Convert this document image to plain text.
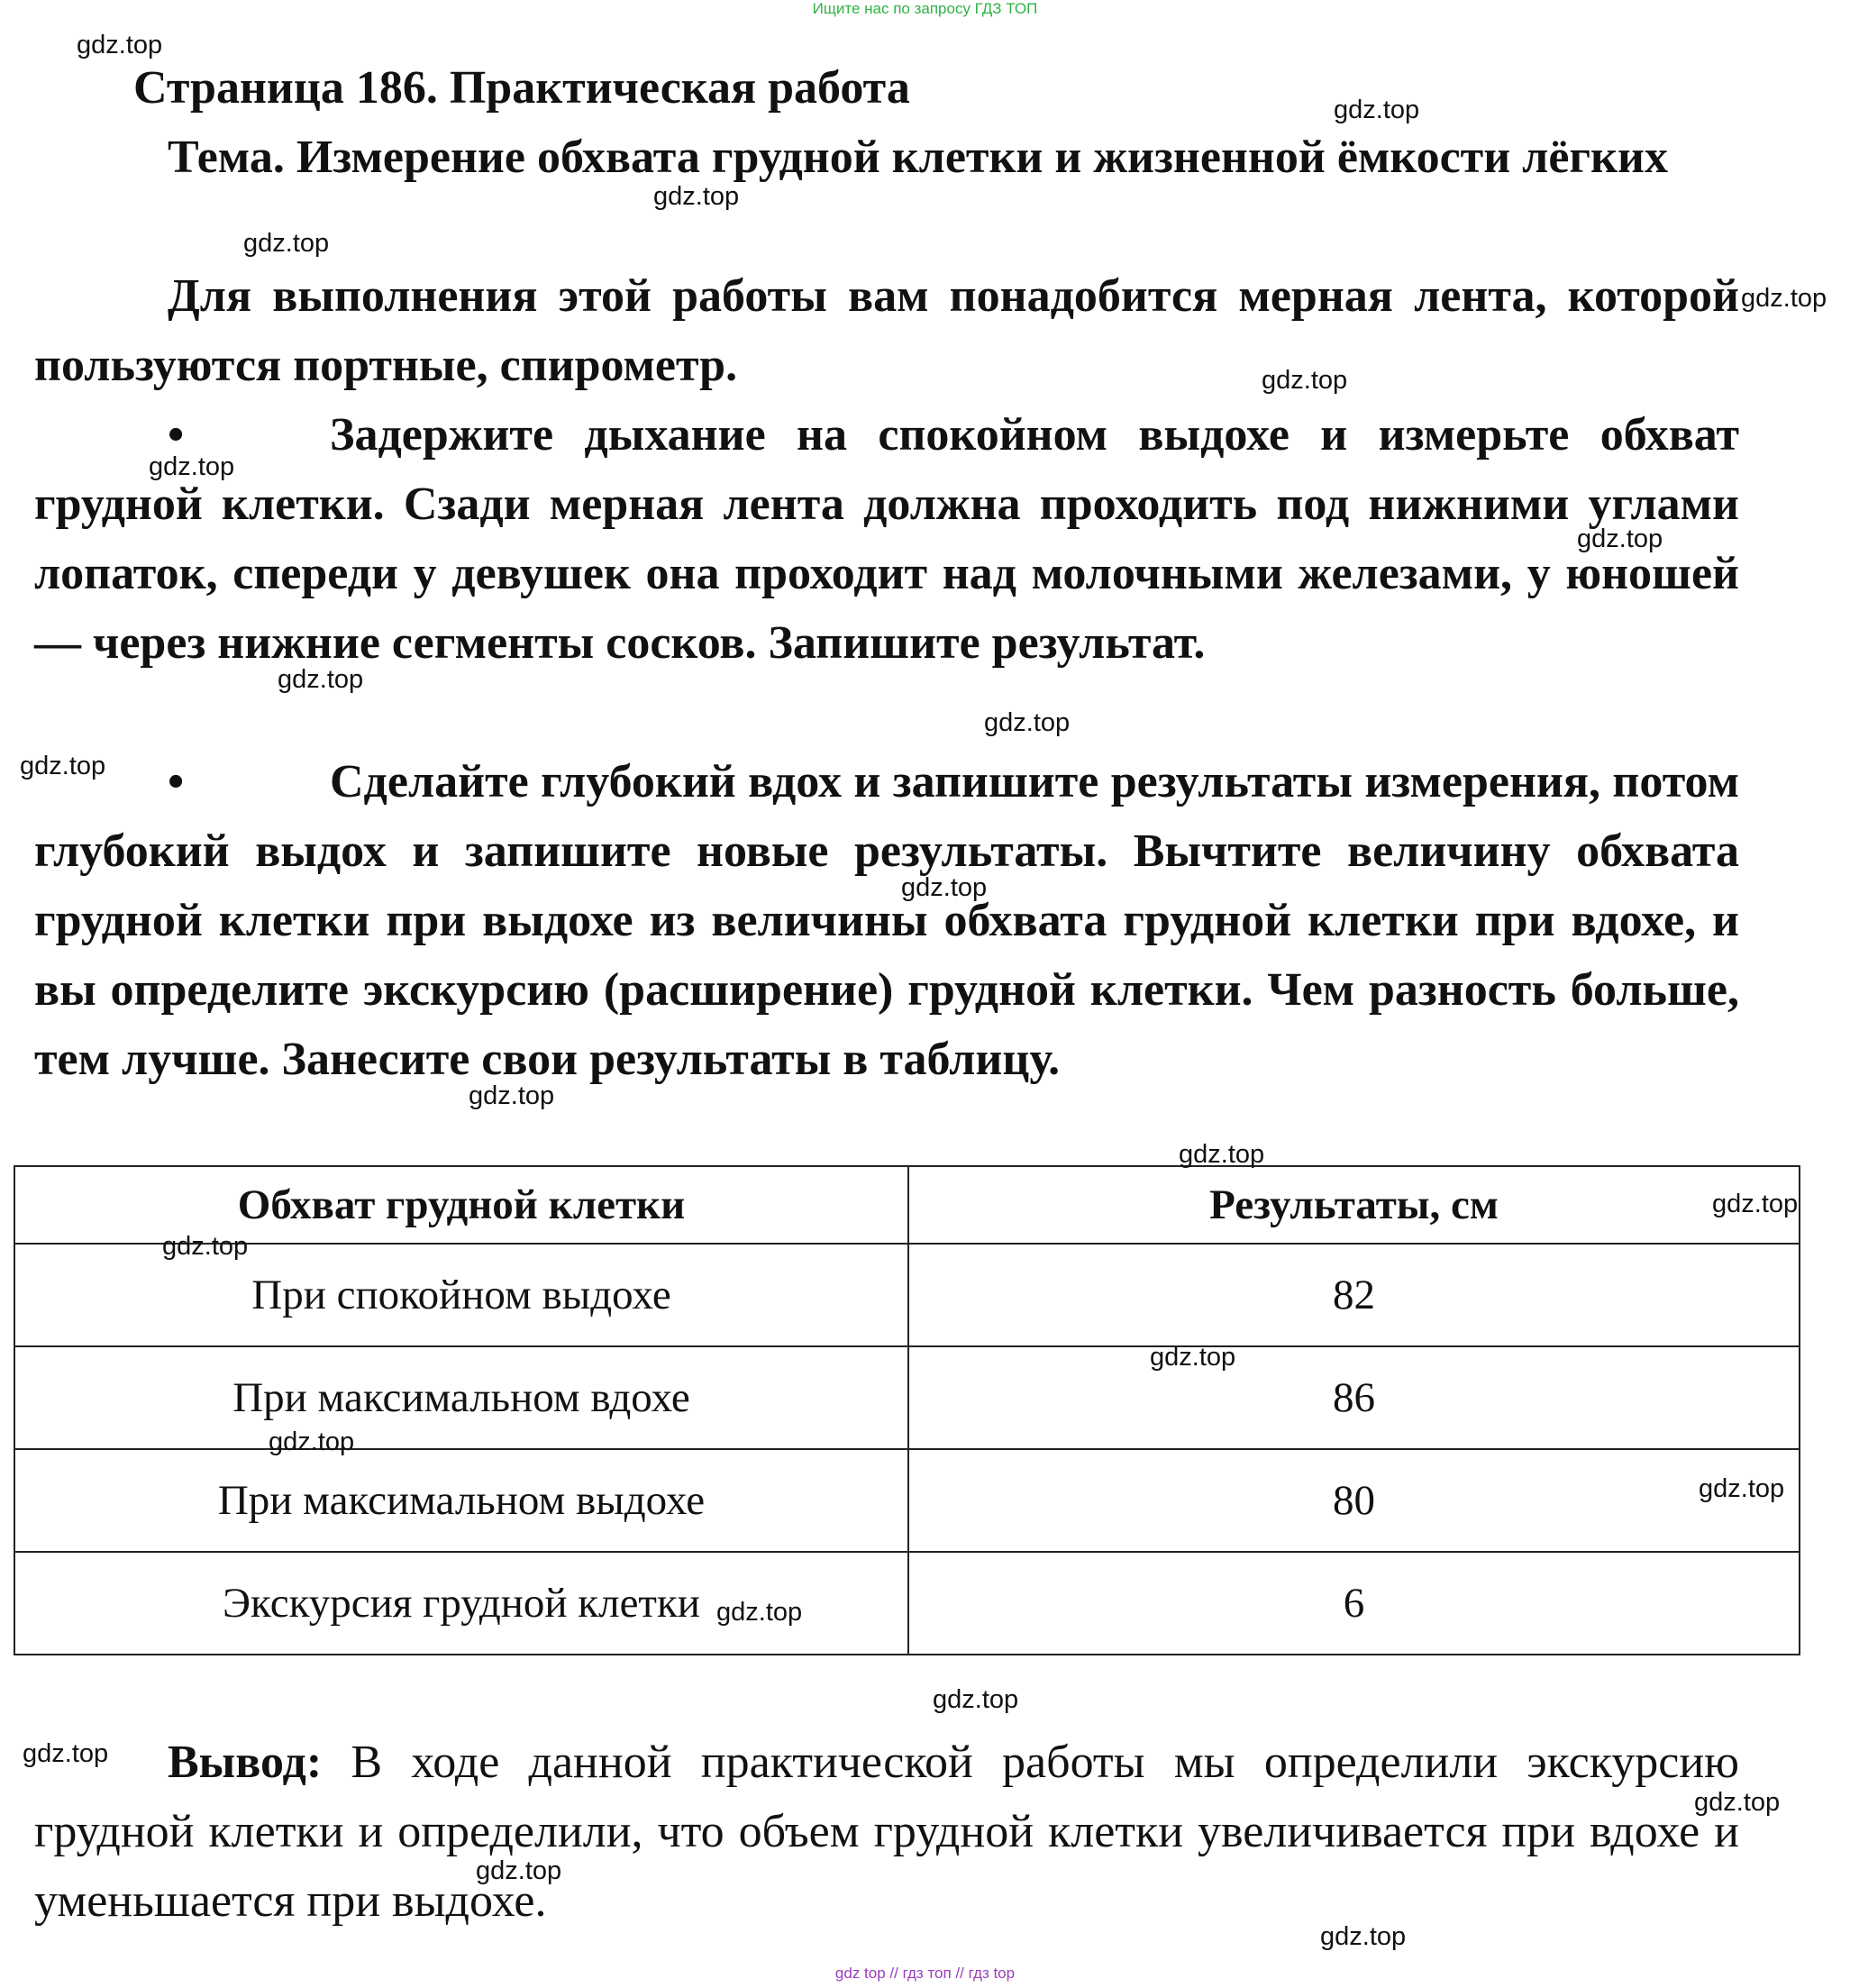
Ищите нас по запросу ГДЗ ТОП
Страница 186. Практическая работа
Тема. Измерение обхвата грудной клетки и жизненной ёмкости лёгких
Для выполнения этой работы вам понадобится мерная лента, которой пользуются портные, спирометр.
•	Задержите дыхание на спокойном выдохе и измерьте обхват грудной клетки. Сзади мерная лента должна проходить под нижними углами лопаток, спереди у девушек она проходит над молочными железами, у юношей — через нижние сегменты сосков. Запишите результат.
•	Сделайте глубокий вдох и запишите результаты измерения, потом глубокий выдох и запишите новые результаты. Вычтите величину обхвата грудной клетки при выдохе из величины обхвата грудной клетки при вдохе, и вы определите экскурсию (расширение) грудной клетки. Чем разность больше, тем лучше. Занесите свои результаты в таблицу.
Обхват грудной клетки	Результаты, см
При спокойном выдохе	82
При максимальном вдохе	86
При максимальном выдохе	80
Экскурсия грудной клетки	6
Вывод: В ходе данной практической работы мы определили экскурсию грудной клетки и определили, что объем грудной клетки увеличивается при вдохе и уменьшается при выдохе.
gdz.top
gdz.top
gdz.top
gdz.top
gdz.top
gdz.top
gdz.top
gdz.top
gdz.top
gdz.top
gdz.top
gdz.top
gdz.top
gdz.top
gdz.top
gdz.top
gdz.top
gdz.top
gdz.top
gdz.top
gdz.top
gdz.top
gdz.top
gdz.top
gdz.top
gdz top // гдз топ // гдз top
